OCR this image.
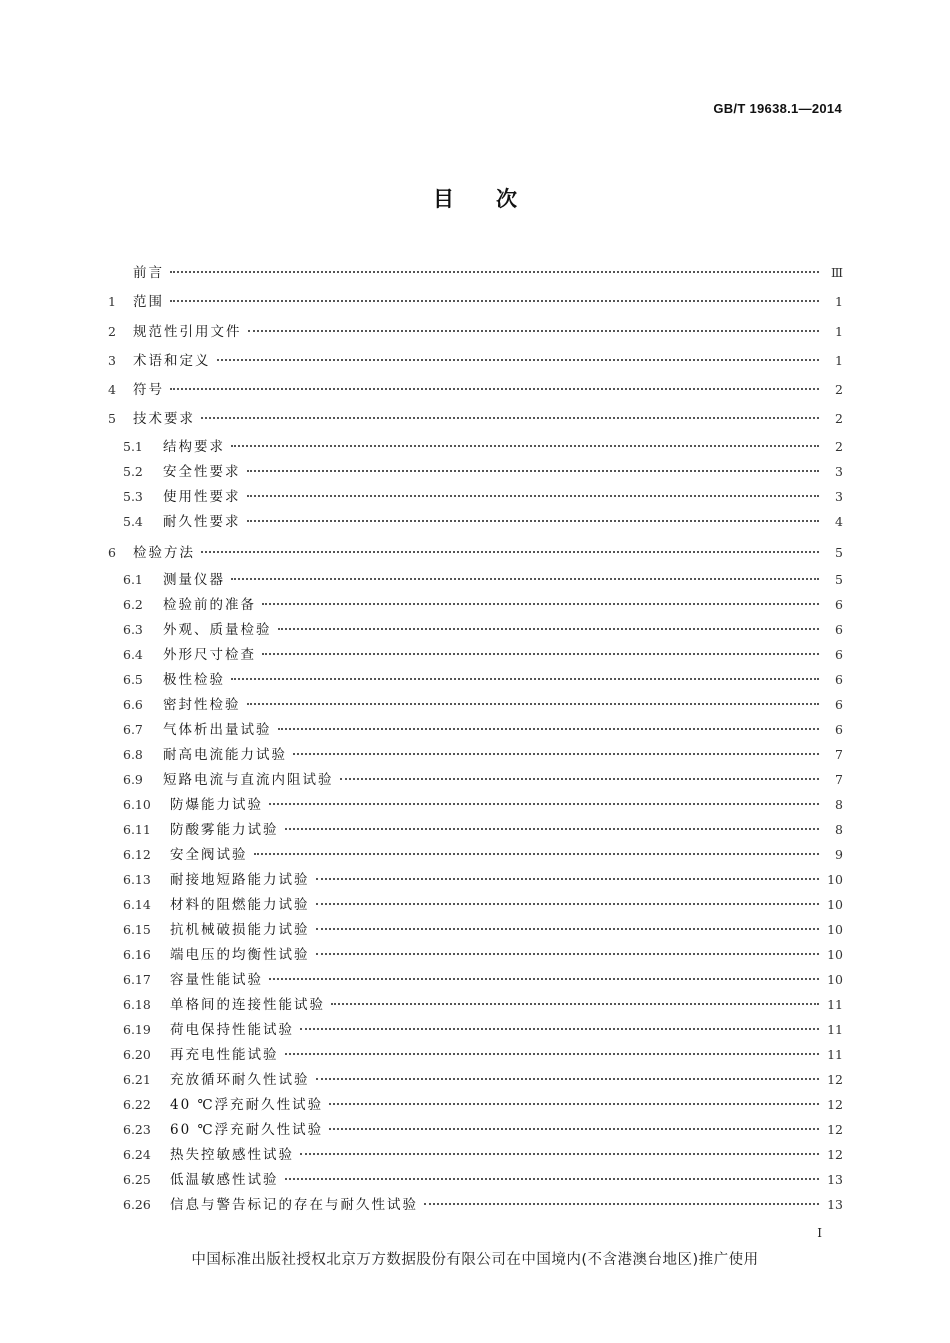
GB/T 19638.1—2014
目次
前言	Ⅲ
1	范围	1
2	规范性引用文件	1
3	术语和定义	1
4	符号	2
5	技术要求	2
5.1	结构要求	2
5.2	安全性要求	3
5.3	使用性要求	3
5.4	耐久性要求	4
6	检验方法	5
6.1	测量仪器	5
6.2	检验前的准备	6
6.3	外观、质量检验	6
6.4	外形尺寸检查	6
6.5	极性检验	6
6.6	密封性检验	6
6.7	气体析出量试验	6
6.8	耐高电流能力试验	7
6.9	短路电流与直流内阻试验	7
6.10	防爆能力试验	8
6.11	防酸雾能力试验	8
6.12	安全阀试验	9
6.13	耐接地短路能力试验	10
6.14	材料的阻燃能力试验	10
6.15	抗机械破损能力试验	10
6.16	端电压的均衡性试验	10
6.17	容量性能试验	10
6.18	单格间的连接性能试验	11
6.19	荷电保持性能试验	11
6.20	再充电性能试验	11
6.21	充放循环耐久性试验	12
6.22	40 ℃浮充耐久性试验	12
6.23	60 ℃浮充耐久性试验	12
6.24	热失控敏感性试验	12
6.25	低温敏感性试验	13
6.26	信息与警告标记的存在与耐久性试验	13
I
中国标准出版社授权北京万方数据股份有限公司在中国境内(不含港澳台地区)推广使用
